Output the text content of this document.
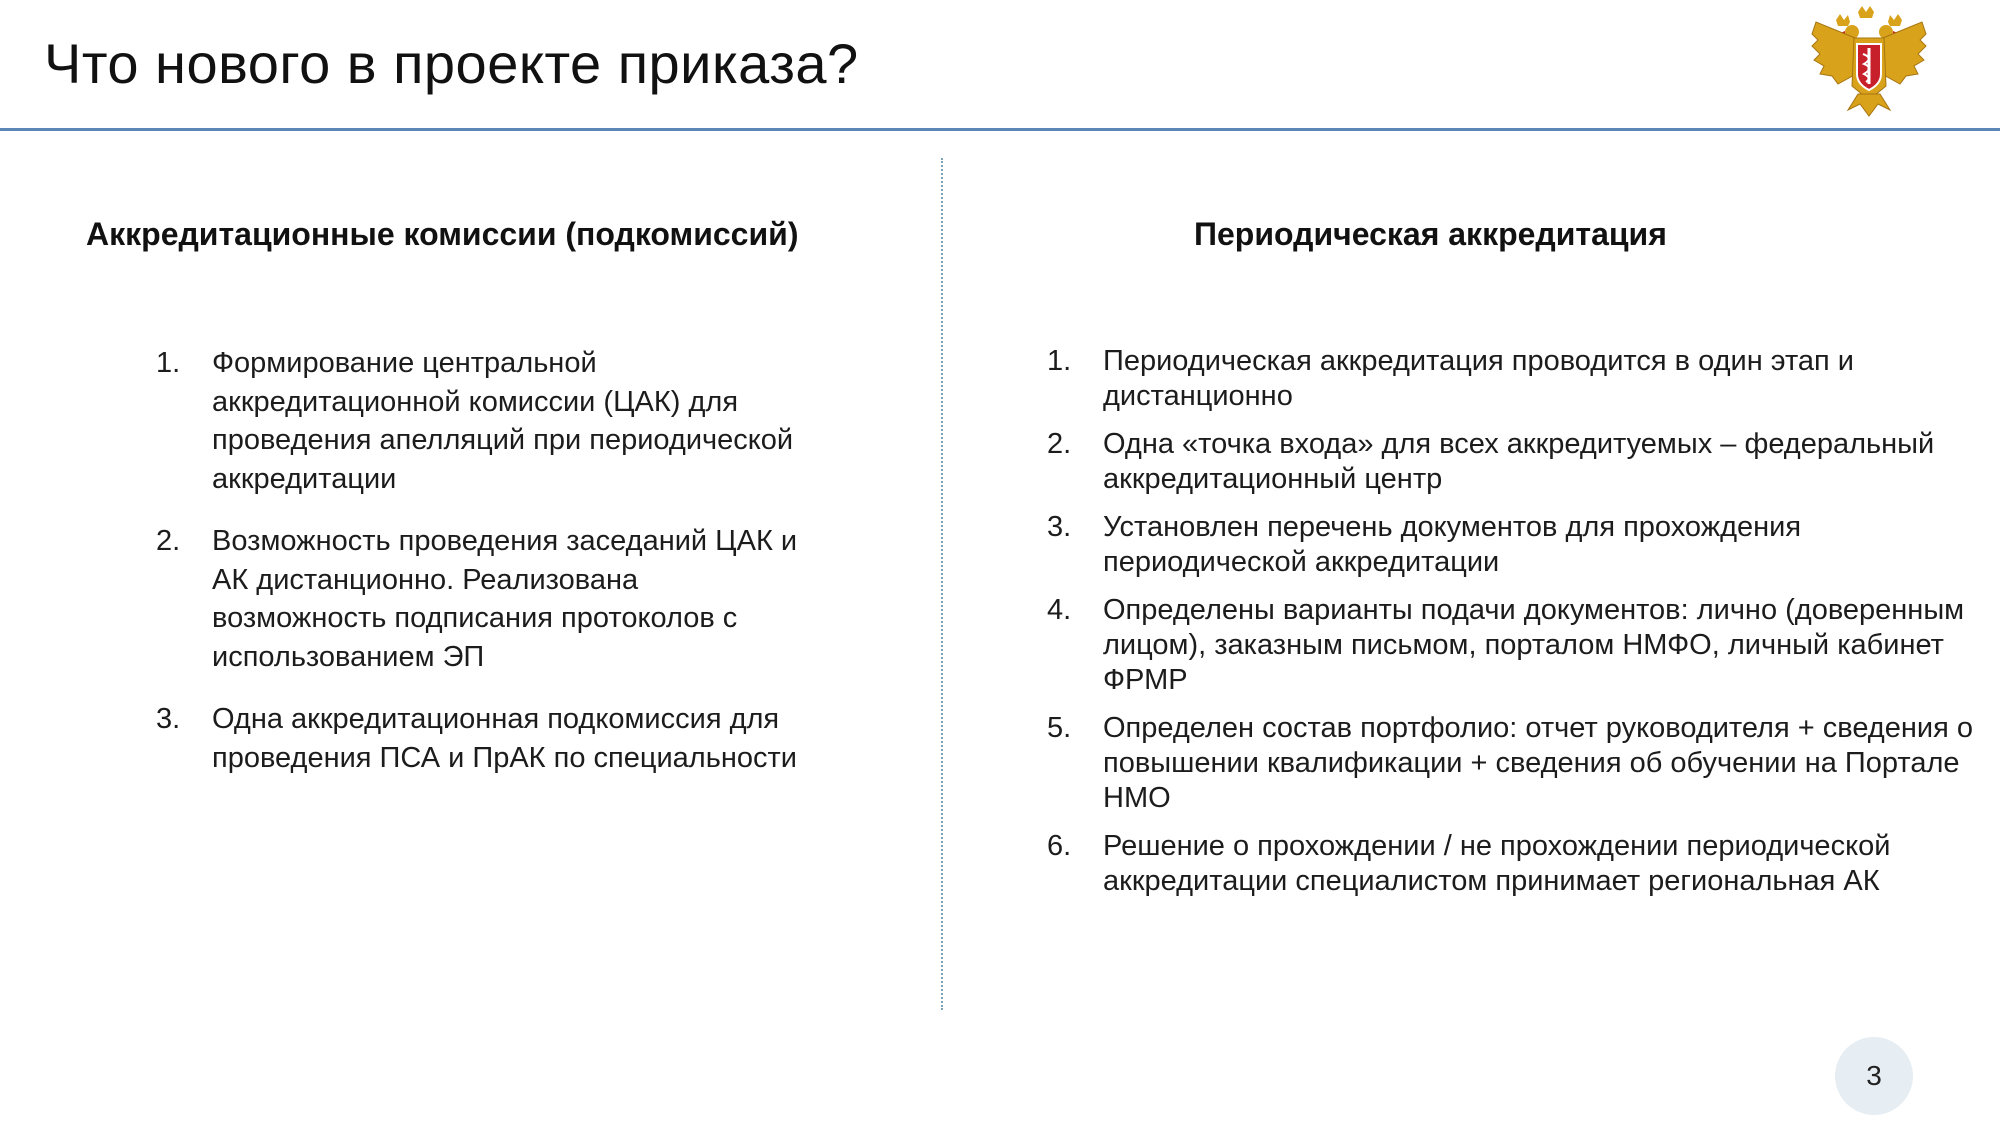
Что нового в проекте приказа?
Аккредитационные комиссии (подкомиссий)
1. Формирование центральной аккредитационной комиссии (ЦАК) для проведения апелляций при периодической аккредитации
2. Возможность проведения заседаний ЦАК и АК дистанционно. Реализована возможность подписания протоколов с использованием ЭП
3. Одна аккредитационная подкомиссия для проведения ПСА и ПрАК по специальности
Периодическая аккредитация
1. Периодическая аккредитация проводится в один этап и дистанционно
2. Одна «точка входа» для всех аккредитуемых – федеральный аккредитационный центр
3. Установлен перечень документов для прохождения периодической аккредитации
4. Определены варианты подачи документов: лично (доверенным лицом), заказным письмом, порталом НМФО, личный кабинет ФРМР
5. Определен состав портфолио: отчет руководителя + сведения о повышении квалификации + сведения об обучении на Портале НМО
6. Решение о прохождении / не прохождении периодической аккредитации специалистом принимает региональная АК
3
